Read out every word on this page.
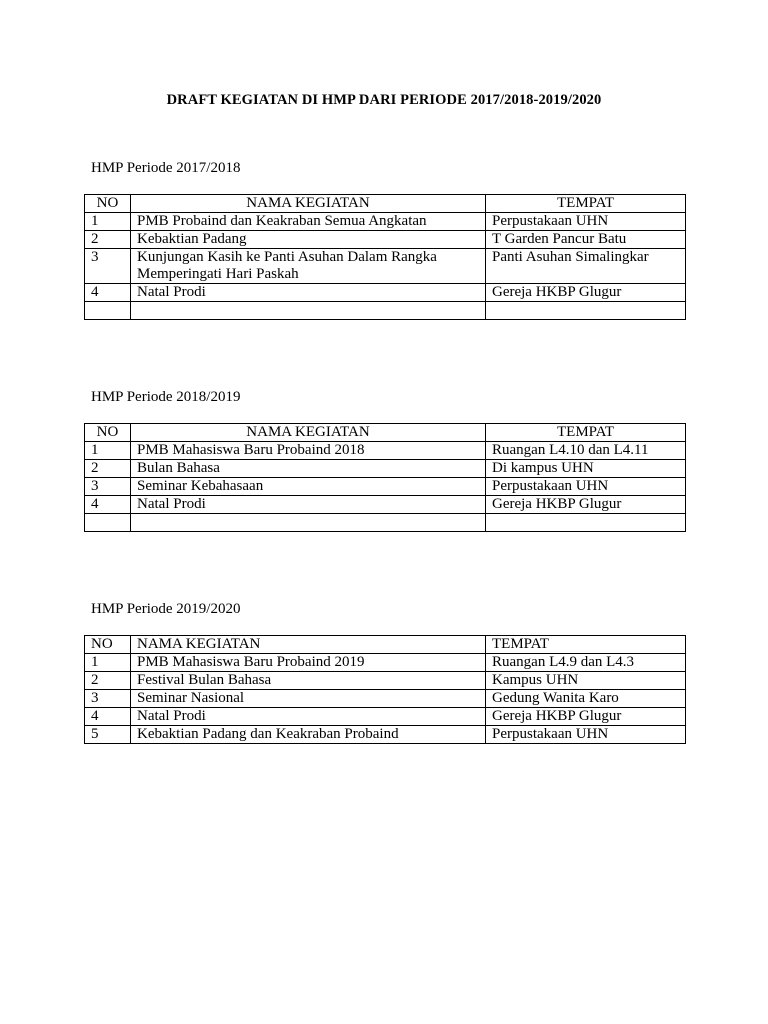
DRAFT KEGIATAN DI HMP DARI PERIODE 2017/2018-2019/2020
HMP Periode 2017/2018
NO	NAMA KEGIATAN	TEMPAT
1	PMB Probaind dan Keakraban Semua Angkatan	Perpustakaan UHN
2	Kebaktian Padang	T Garden Pancur Batu
3	Kunjungan Kasih ke Panti Asuhan Dalam Rangka Memperingati Hari Paskah	Panti Asuhan Simalingkar
4	Natal Prodi	Gereja HKBP Glugur

HMP Periode 2018/2019
NO	NAMA KEGIATAN	TEMPAT
1	PMB Mahasiswa Baru Probaind 2018	Ruangan L4.10 dan L4.11
2	Bulan Bahasa	Di kampus UHN
3	Seminar Kebahasaan	Perpustakaan UHN
4	Natal Prodi	Gereja HKBP Glugur

HMP Periode 2019/2020
NO	NAMA KEGIATAN	TEMPAT
1	PMB Mahasiswa Baru Probaind 2019	Ruangan L4.9 dan L4.3
2	Festival Bulan Bahasa	Kampus UHN
3	Seminar Nasional	Gedung Wanita Karo
4	Natal Prodi	Gereja HKBP Glugur
5	Kebaktian Padang dan Keakraban Probaind	Perpustakaan UHN
